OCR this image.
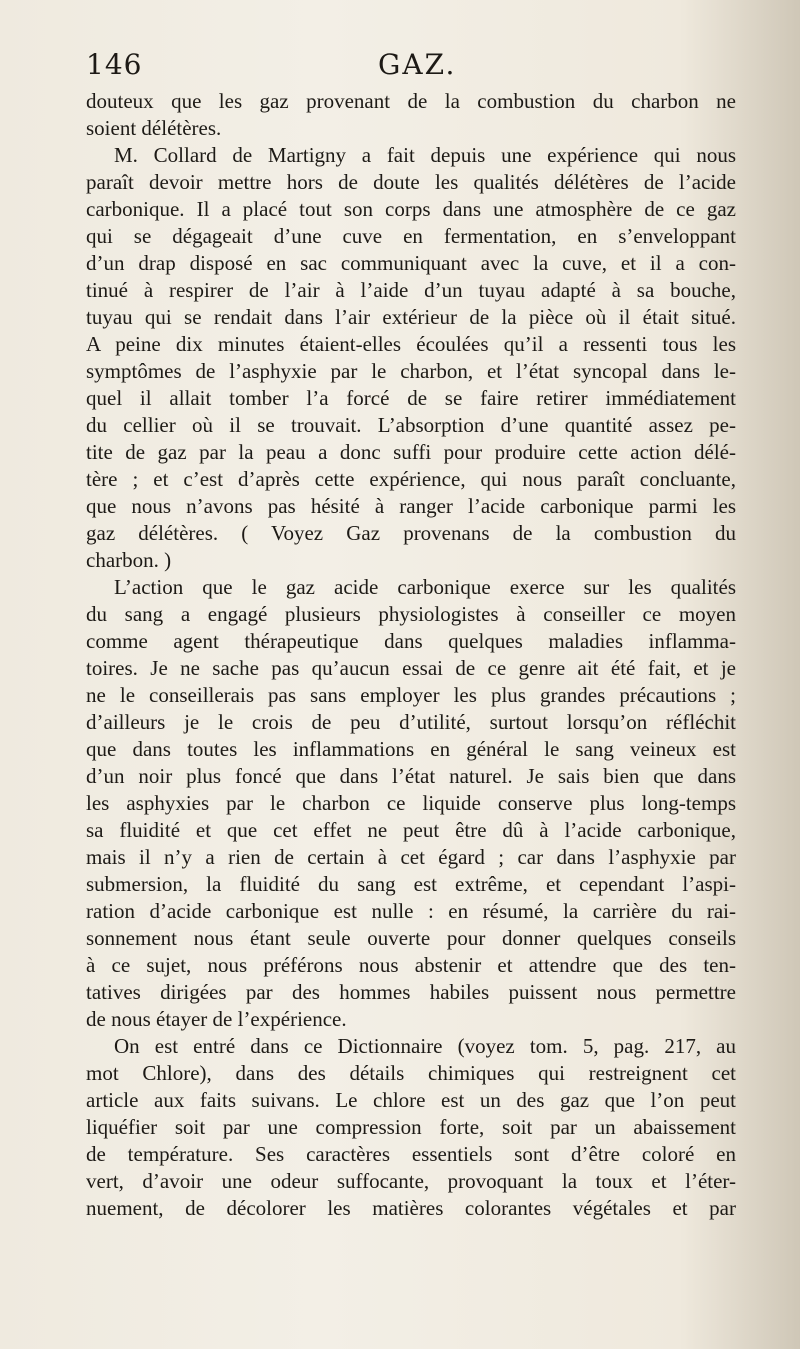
146	GAZ.

douteux que les gaz provenant de la combustion du charbon ne
soient délétères.

M. Collard de Martigny a fait depuis une expérience qui nous
paraît devoir mettre hors de doute les qualités délétères de l’acide
carbonique. Il a placé tout son corps dans une atmosphère de ce gaz
qui se dégageait d’une cuve en fermentation, en s’enveloppant
d’un drap disposé en sac communiquant avec la cuve, et il a con-
tinué à respirer de l’air à l’aide d’un tuyau adapté à sa bouche,
tuyau qui se rendait dans l’air extérieur de la pièce où il était situé.
A peine dix minutes étaient-elles écoulées qu’il a ressenti tous les
symptômes de l’asphyxie par le charbon, et l’état syncopal dans le-
quel il allait tomber l’a forcé de se faire retirer immédiatement
du cellier où il se trouvait. L’absorption d’une quantité assez pe-
tite de gaz par la peau a donc suffi pour produire cette action délé-
tère ; et c’est d’après cette expérience, qui nous paraît concluante,
que nous n’avons pas hésité à ranger l’acide carbonique parmi les
gaz délétères. ( Voyez Gaz provenans de la combustion du
charbon. )

L’action que le gaz acide carbonique exerce sur les qualités
du sang a engagé plusieurs physiologistes à conseiller ce moyen
comme agent thérapeutique dans quelques maladies inflamma-
toires. Je ne sache pas qu’aucun essai de ce genre ait été fait, et je
ne le conseillerais pas sans employer les plus grandes précautions ;
d’ailleurs je le crois de peu d’utilité, surtout lorsqu’on réfléchit
que dans toutes les inflammations en général le sang veineux est
d’un noir plus foncé que dans l’état naturel. Je sais bien que dans
les asphyxies par le charbon ce liquide conserve plus long-temps
sa fluidité et que cet effet ne peut être dû à l’acide carbonique,
mais il n’y a rien de certain à cet égard ; car dans l’asphyxie par
submersion, la fluidité du sang est extrême, et cependant l’aspi-
ration d’acide carbonique est nulle : en résumé, la carrière du rai-
sonnement nous étant seule ouverte pour donner quelques conseils
à ce sujet, nous préférons nous abstenir et attendre que des ten-
tatives dirigées par des hommes habiles puissent nous permettre
de nous étayer de l’expérience.

On est entré dans ce Dictionnaire (voyez tom. 5, pag. 217, au
mot Chlore), dans des détails chimiques qui restreignent cet
article aux faits suivans. Le chlore est un des gaz que l’on peut
liquéfier soit par une compression forte, soit par un abaissement
de température. Ses caractères essentiels sont d’être coloré en
vert, d’avoir une odeur suffocante, provoquant la toux et l’éter-
nuement, de décolorer les matières colorantes végétales et par
